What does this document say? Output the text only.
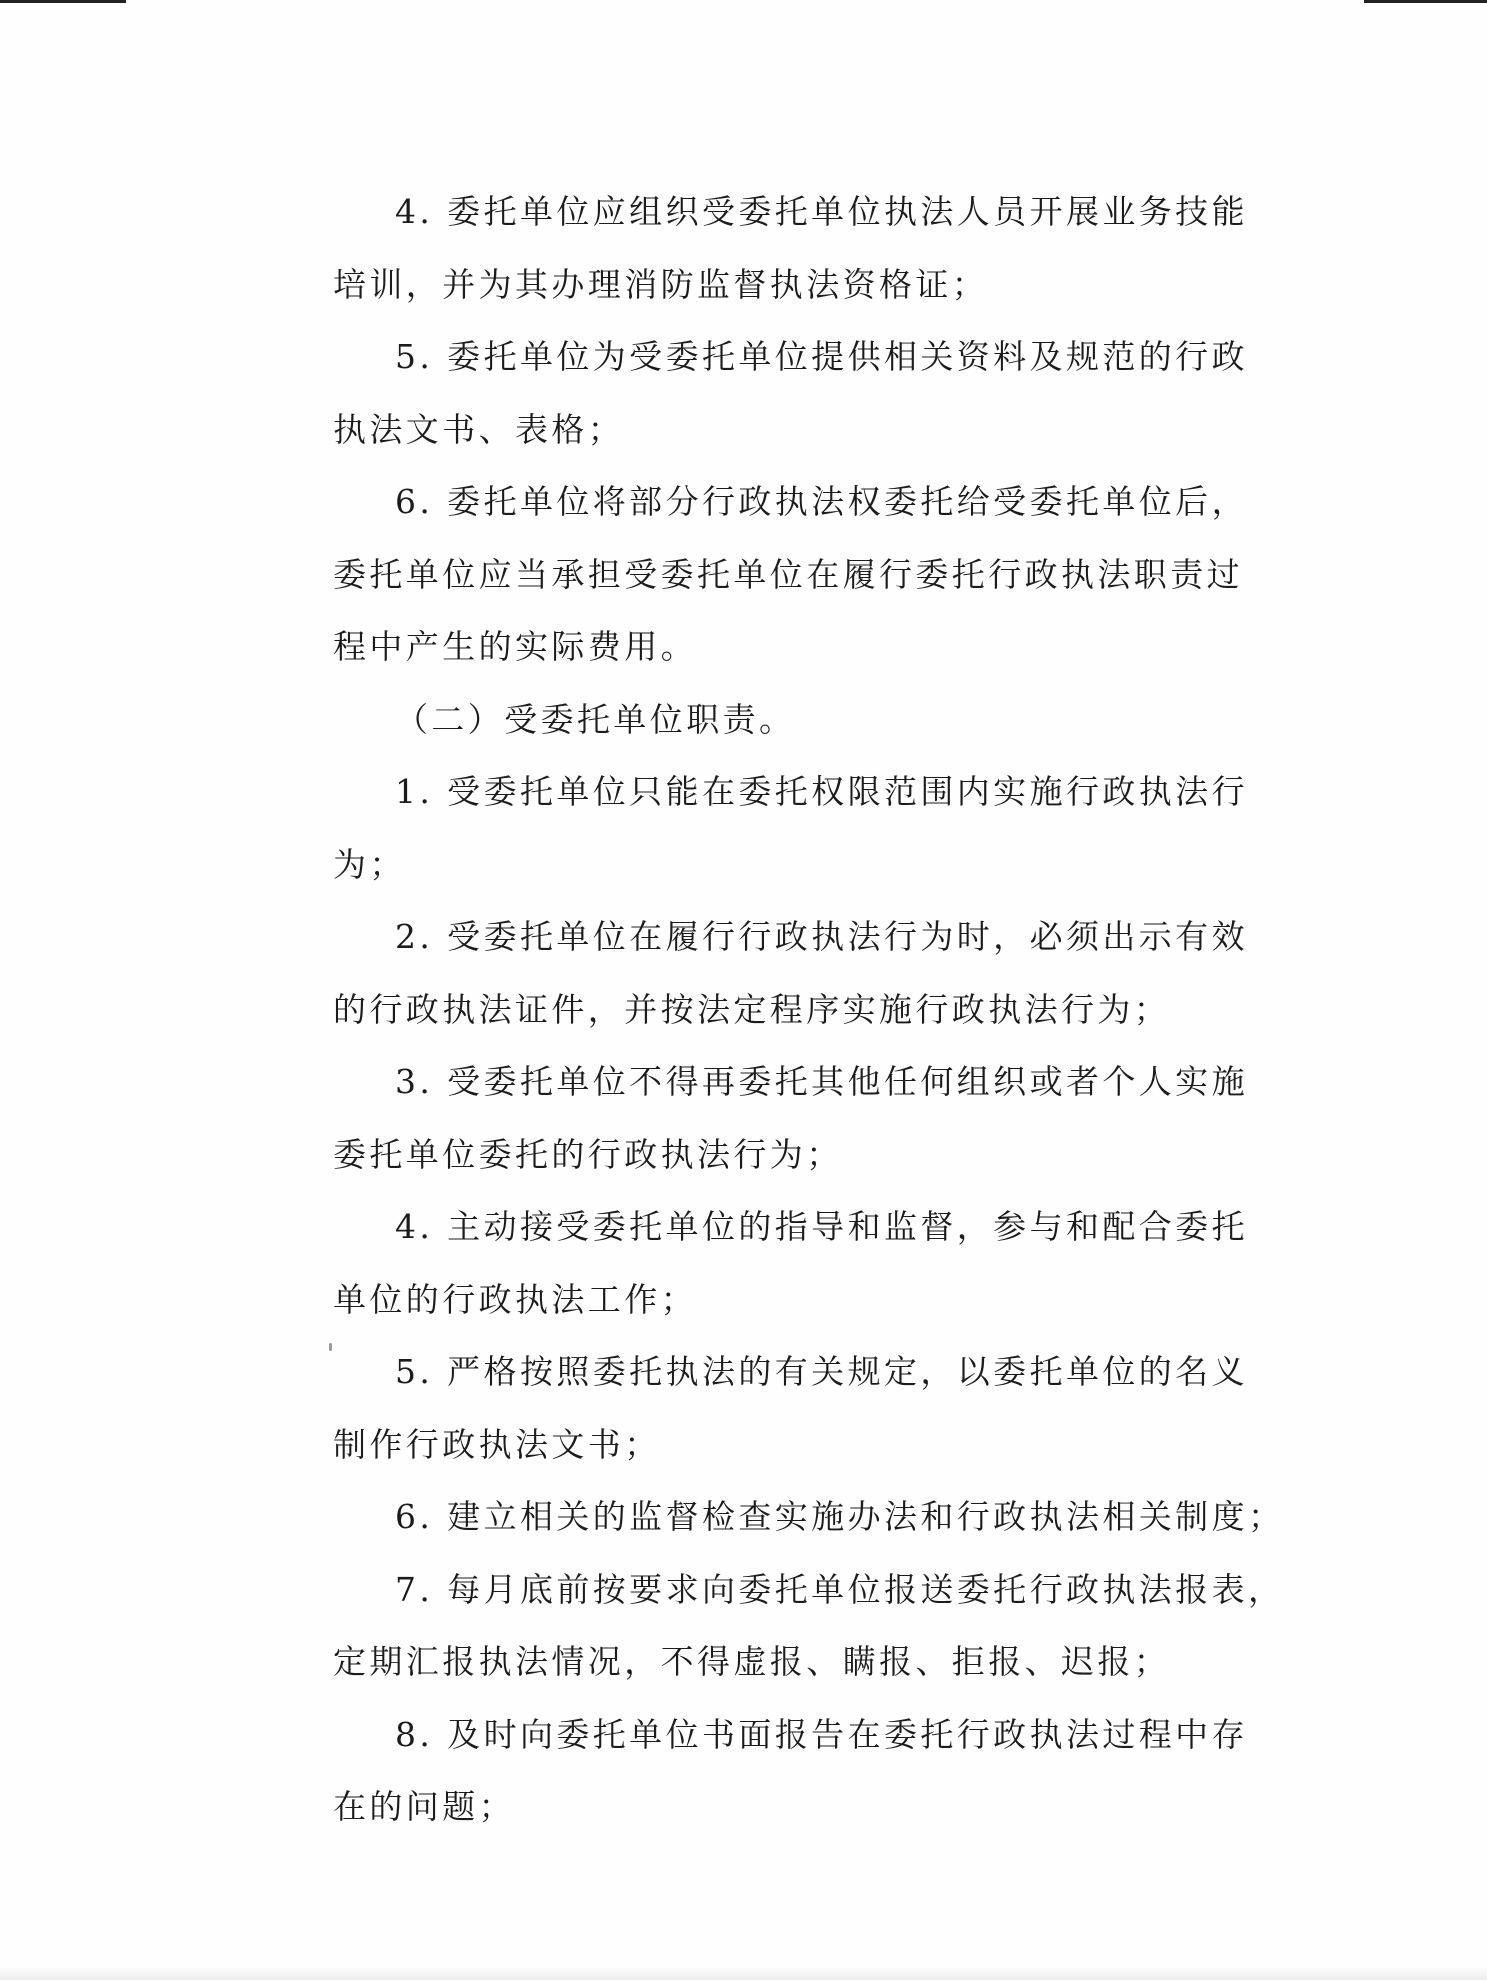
4. 委托单位应组织受委托单位执法人员开展业务技能
培训，并为其办理消防监督执法资格证；
5. 委托单位为受委托单位提供相关资料及规范的行政
执法文书、表格；
6. 委托单位将部分行政执法权委托给受委托单位后，
委托单位应当承担受委托单位在履行委托行政执法职责过
程中产生的实际费用。
（二）受委托单位职责。
1. 受委托单位只能在委托权限范围内实施行政执法行
为；
2. 受委托单位在履行行政执法行为时，必须出示有效
的行政执法证件，并按法定程序实施行政执法行为；
3. 受委托单位不得再委托其他任何组织或者个人实施
委托单位委托的行政执法行为；
4. 主动接受委托单位的指导和监督，参与和配合委托
单位的行政执法工作；
5. 严格按照委托执法的有关规定，以委托单位的名义
制作行政执法文书；
6. 建立相关的监督检查实施办法和行政执法相关制度；
7. 每月底前按要求向委托单位报送委托行政执法报表，
定期汇报执法情况，不得虚报、瞒报、拒报、迟报；
8. 及时向委托单位书面报告在委托行政执法过程中存
在的问题；
